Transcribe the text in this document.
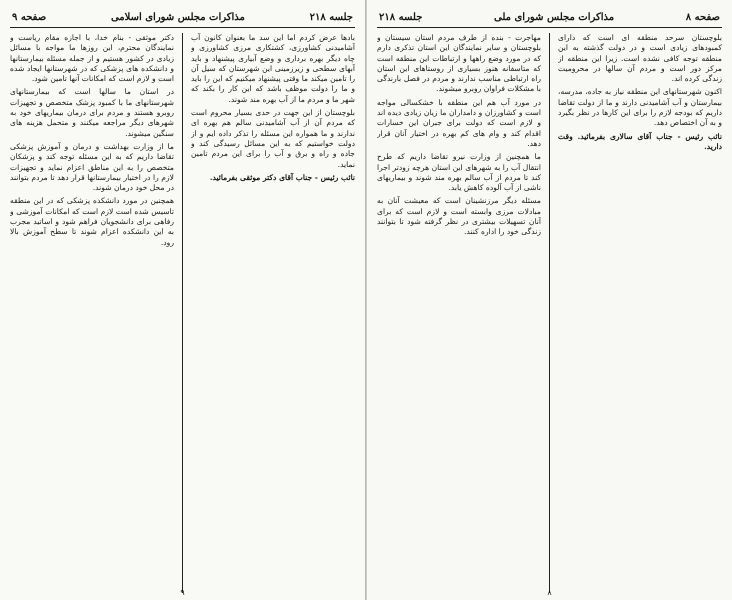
جلسه ۲۱۸
مذاکرات مجلس شورای اسلامی
صفحه ۹

دکتر موثقی - بنام خدا، با اجازه مقام ریاست و نمایندگان محترم، این روزها ما مواجه با مسائل زیادی در کشور هستیم و از جمله مسئله بیمارستانها و دانشکده های پزشکی که در شهرستانها ایجاد شده است و لازم است که امکانات آنها تامین شود.

در استان ما سالها است که بیمارستانهای شهرستانهای ما با کمبود پزشک متخصص و تجهیزات روبرو هستند و مردم برای درمان بیماریهای خود به شهرهای دیگر مراجعه میکنند و متحمل هزینه های سنگین میشوند.

ما از وزارت بهداشت و درمان و آموزش پزشکی تقاضا داریم که به این مسئله توجه کند و پزشکان متخصص را به این مناطق اعزام نماید و تجهیزات لازم را در اختیار بیمارستانها قرار دهد تا مردم بتوانند در محل خود درمان شوند.

همچنین در مورد دانشکده پزشکی که در این منطقه تاسیس شده است لازم است که امکانات آموزشی و رفاهی برای دانشجویان فراهم شود و اساتید مجرب به این دانشکده اعزام شوند تا سطح آموزش بالا رود.

بادها عرض کردم اما این سد ما بعنوان کانون آب آشامیدنی کشاورزی، کشتکاری مرزی کشاورزی و چاه دیگر بهره برداری و وضع آبیاری پیشنهاد و باید آبهای سطحی و زیرزمینی این شهرستان که سیل آن را تامین میکند ما وقتی پیشنهاد میکنیم که این را باید و ما را دولت موظف باشد که این کار را بکند که شهر ما و مردم ما از آب بهره مند شوند.

بلوچستان از این جهت در حدی بسیار محروم است که مردم آن از آب آشامیدنی سالم هم بهره ای ندارند و ما همواره این مسئله را تذکر داده ایم و از دولت خواستیم که به این مسائل رسیدگی کند و جاده و راه و برق و آب را برای این مردم تامین نماید.

نائب رئیس - جناب آقای دکتر موثقی بفرمائید.

۹
صفحه ۸
مذاکرات مجلس شورای ملی
جلسه ۲۱۸

مهاجرت - بنده از طرف مردم استان سیستان و بلوچستان و سایر نمایندگان این استان تذکری دارم که در مورد وضع راهها و ارتباطات این منطقه است که متاسفانه هنوز بسیاری از روستاهای این استان راه ارتباطی مناسب ندارند و مردم در فصل بارندگی با مشکلات فراوان روبرو میشوند.

در مورد آب هم این منطقه با خشکسالی مواجه است و کشاورزان و دامداران ما زیان زیادی دیده اند و لازم است که دولت برای جبران این خسارات اقدام کند و وام های کم بهره در اختیار آنان قرار دهد.

ما همچنین از وزارت نیرو تقاضا داریم که طرح انتقال آب را به شهرهای این استان هرچه زودتر اجرا کند تا مردم از آب سالم بهره مند شوند و بیماریهای ناشی از آب آلوده کاهش یابد.

مسئله دیگر مرزنشینان است که معیشت آنان به مبادلات مرزی وابسته است و لازم است که برای آنان تسهیلات بیشتری در نظر گرفته شود تا بتوانند زندگی خود را اداره کنند.

بلوچستان سرحد منطقه ای است که دارای کمبودهای زیادی است و در دولت گذشته به این منطقه توجه کافی نشده است. زیرا این منطقه از مرکز دور است و مردم آن سالها در محرومیت زندگی کرده اند.

اکنون شهرستانهای این منطقه نیاز به جاده، مدرسه، بیمارستان و آب آشامیدنی دارند و ما از دولت تقاضا داریم که بودجه لازم را برای این کارها در نظر بگیرد و به آن اختصاص دهد.

نائب رئیس - جناب آقای سالاری بفرمائید. وقت دارید.

۸
